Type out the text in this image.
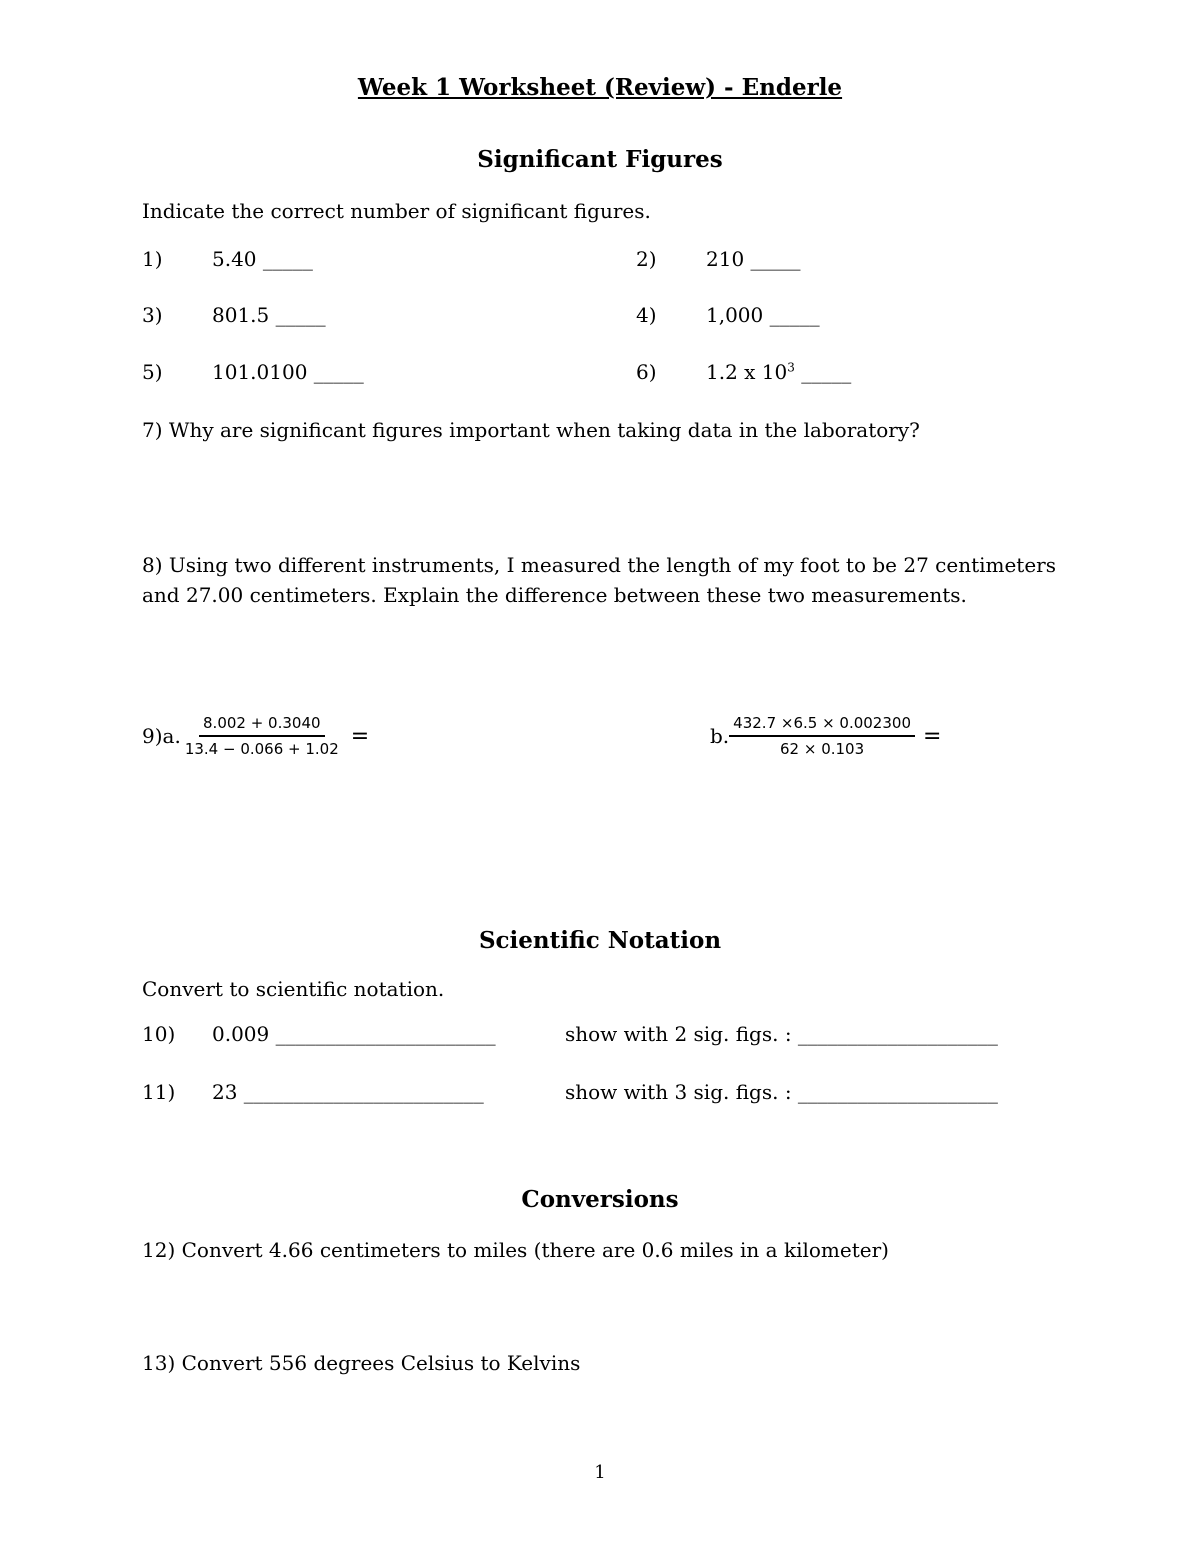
Week 1 Worksheet (Review) - Enderle
Significant Figures
Indicate the correct number of significant figures.
1) 5.40 _____	2) 210 _____
3) 801.5 _____	4) 1,000 _____
5) 101.0100 _____	6) 1.2 x $10^3$ _____
7) Why are significant figures important when taking data in the laboratory?
8) Using two different instruments, I measured the length of my foot to be 27 centimeters
and 27.00 centimeters. Explain the difference between these two measurements.
9)a. $\frac{8.002 + 0.3040}{13.4 - 0.066 + 1.02}$ =	b. $\frac{432.7 \times 6.5 \times 0.002300}{62 \times 0.103}$ =
Scientific Notation
Convert to scientific notation.
10) 0.009 ______________________	show with 2 sig. figs. : ____________________
11) 23 ________________________	show with 3 sig. figs. : ____________________
Conversions
12) Convert 4.66 centimeters to miles (there are 0.6 miles in a kilometer)
13) Convert 556 degrees Celsius to Kelvins
1
